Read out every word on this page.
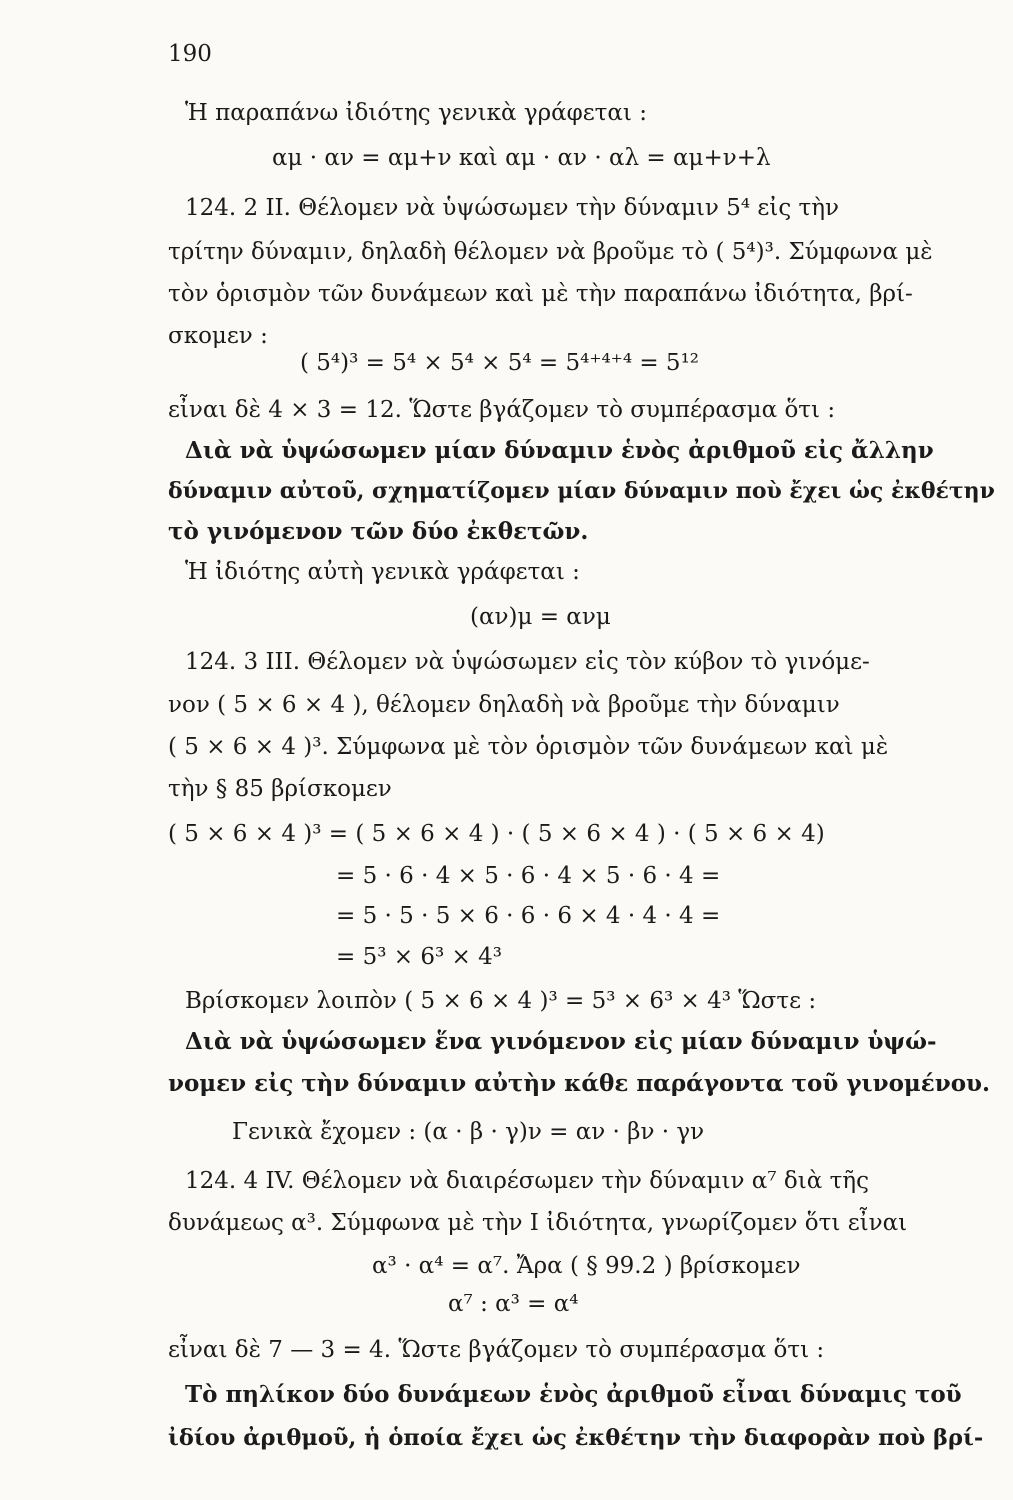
190
Ἡ παραπάνω ἰδιότης γενικὰ γράφεται :
αμ · αν = αμ+ν καὶ αμ · αν · αλ = αμ+ν+λ
124. 2 II. Θέλομεν νὰ ὑψώσωμεν τὴν δύναμιν 5⁴ εἰς τὴν
τρίτην δύναμιν, δηλαδὴ θέλομεν νὰ βροῦμε τὸ ( 5⁴)³. Σύμφωνα μὲ
τὸν ὁρισμὸν τῶν δυνάμεων καὶ μὲ τὴν παραπάνω ἰδιότητα, βρί-
σκομεν :
( 5⁴)³ = 5⁴ × 5⁴ × 5⁴ = 5⁴⁺⁴⁺⁴ = 5¹²
εἶναι δὲ 4 × 3 = 12. Ὥστε βγάζομεν τὸ συμπέρασμα ὅτι :
Διὰ νὰ ὑψώσωμεν μίαν δύναμιν ἑνὸς ἀριθμοῦ εἰς ἄλλην
δύναμιν αὐτοῦ, σχηματίζομεν μίαν δύναμιν ποὺ ἔχει ὡς ἐκθέτην
τὸ γινόμενον τῶν δύο ἐκθετῶν.
Ἡ ἰδιότης αὐτὴ γενικὰ γράφεται :
(αν)μ = ανμ
124. 3 III. Θέλομεν νὰ ὑψώσωμεν εἰς τὸν κύβον τὸ γινόμε-
νον ( 5 × 6 × 4 ), θέλομεν δηλαδὴ νὰ βροῦμε τὴν δύναμιν
( 5 × 6 × 4 )³. Σύμφωνα μὲ τὸν ὁρισμὸν τῶν δυνάμεων καὶ μὲ
τὴν § 85 βρίσκομεν
( 5 × 6 × 4 )³ = ( 5 × 6 × 4 ) · ( 5 × 6 × 4 ) · ( 5 × 6 × 4)
= 5 · 6 · 4 × 5 · 6 · 4 × 5 · 6 · 4 =
= 5 · 5 · 5 × 6 · 6 · 6 × 4 · 4 · 4 =
= 5³ × 6³ × 4³
Βρίσκομεν λοιπὸν ( 5 × 6 × 4 )³ = 5³ × 6³ × 4³ Ὥστε :
Διὰ νὰ ὑψώσωμεν ἕνα γινόμενον εἰς μίαν δύναμιν ὑψώ-
νομεν εἰς τὴν δύναμιν αὐτὴν κάθε παράγοντα τοῦ γινομένου.
Γενικὰ ἔχομεν : (α · β · γ)ν = αν · βν · γν
124. 4 IV. Θέλομεν νὰ διαιρέσωμεν τὴν δύναμιν α⁷ διὰ τῆς
δυνάμεως α³. Σύμφωνα μὲ τὴν I ἰδιότητα, γνωρίζομεν ὅτι εἶναι
α³ · α⁴ = α⁷. Ἄρα ( § 99.2 ) βρίσκομεν
α⁷ : α³ = α⁴
εἶναι δὲ 7 — 3 = 4. Ὥστε βγάζομεν τὸ συμπέρασμα ὅτι :
Τὸ πηλίκον δύο δυνάμεων ἑνὸς ἀριθμοῦ εἶναι δύναμις τοῦ
ἰδίου ἀριθμοῦ, ἡ ὁποία ἔχει ὡς ἐκθέτην τὴν διαφορὰν ποὺ βρί-
